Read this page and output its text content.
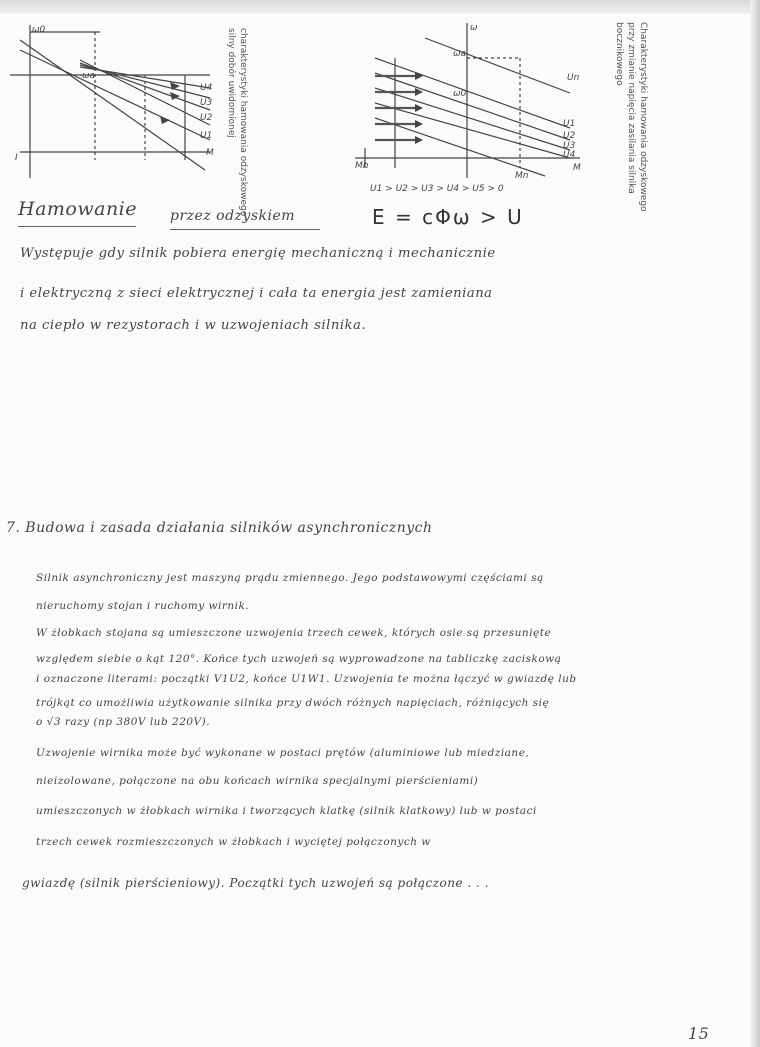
ω0
ωa
U4
U3
U2
U1
M
I	charakterystyki hamowania odzyskowego
silny dobór uwidomionej	ω
ωa
ω0
Un
U1
U2
U3
U4
M
Mh
Mn
U1 > U2 > U3 > U4 > U5 > 0	Charakterystyki hamowania odzyskowego
przy zmianie napięcia zasilania silnika
bocznikowego
Hamowanie przez odzyskiem	E = cΦω > U
Występuje gdy silnik pobiera energię mechaniczną i mechanicznie
i elektryczną z sieci elektrycznej i cała ta energia jest zamieniana
na ciepło w rezystorach i w uzwojeniach silnika.
7. Budowa i zasada działania silników asynchronicznych
Silnik asynchroniczny jest maszyną prądu zmiennego. Jego podstawowymi częściami są
nieruchomy stojan i ruchomy wirnik.
W żłobkach stojana są umieszczone uzwojenia trzech cewek, których osie są przesunięte
względem siebie o kąt 120°. Końce tych uzwojeń są wyprowadzone na tabliczkę zaciskową
i oznaczone literami: początki V1U2, końce U1W1. Uzwojenia te można łączyć w gwiazdę lub
trójkąt co umożliwia użytkowanie silnika przy dwóch różnych napięciach, różniących się
o √3 razy (np 380V lub 220V).
Uzwojenie wirnika może być wykonane w postaci prętów (aluminiowe lub miedziane,
nieizolowane, połączone na obu końcach wirnika specjalnymi pierścieniami)
umieszczonych w żłobkach wirnika i tworzących klatkę (silnik klatkowy) lub w postaci
trzech cewek rozmieszczonych w żłobkach i wyciętej połączonych w
gwiazdę (silnik pierścieniowy). Początki tych uzwojeń są połączone . . .
15
